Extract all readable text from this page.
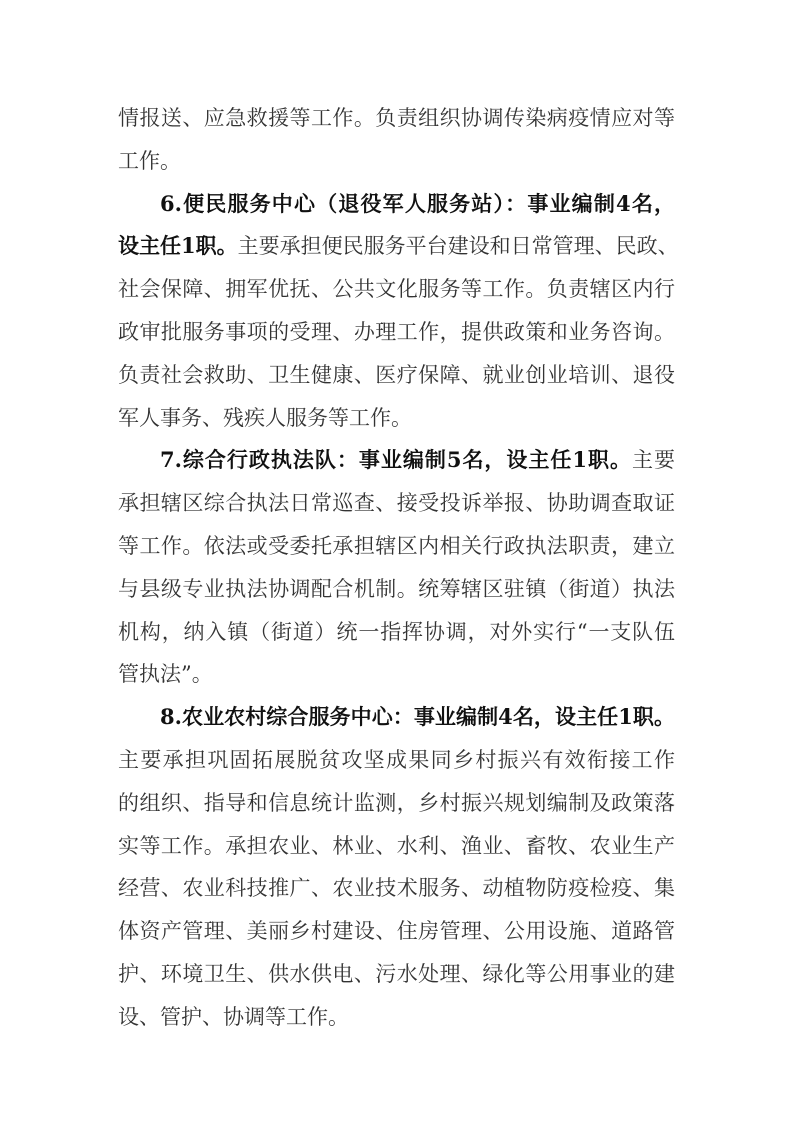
情报送、应急救援等工作。负责组织协调传染病疫情应对等
工作。
6.便民服务中心（退役军人服务站）：事业编制4名，
设主任1职。主要承担便民服务平台建设和日常管理、民政、
社会保障、拥军优抚、公共文化服务等工作。负责辖区内行
政审批服务事项的受理、办理工作，提供政策和业务咨询。
负责社会救助、卫生健康、医疗保障、就业创业培训、退役
军人事务、残疾人服务等工作。
7.综合行政执法队：事业编制5名，设主任1职。主要
承担辖区综合执法日常巡查、接受投诉举报、协助调查取证
等工作。依法或受委托承担辖区内相关行政执法职责，建立
与县级专业执法协调配合机制。统筹辖区驻镇（街道）执法
机构，纳入镇（街道）统一指挥协调，对外实行“一支队伍
管执法”。
8.农业农村综合服务中心：事业编制4名，设主任1职。
主要承担巩固拓展脱贫攻坚成果同乡村振兴有效衔接工作
的组织、指导和信息统计监测，乡村振兴规划编制及政策落
实等工作。承担农业、林业、水利、渔业、畜牧、农业生产
经营、农业科技推广、农业技术服务、动植物防疫检疫、集
体资产管理、美丽乡村建设、住房管理、公用设施、道路管
护、环境卫生、供水供电、污水处理、绿化等公用事业的建
设、管护、协调等工作。
